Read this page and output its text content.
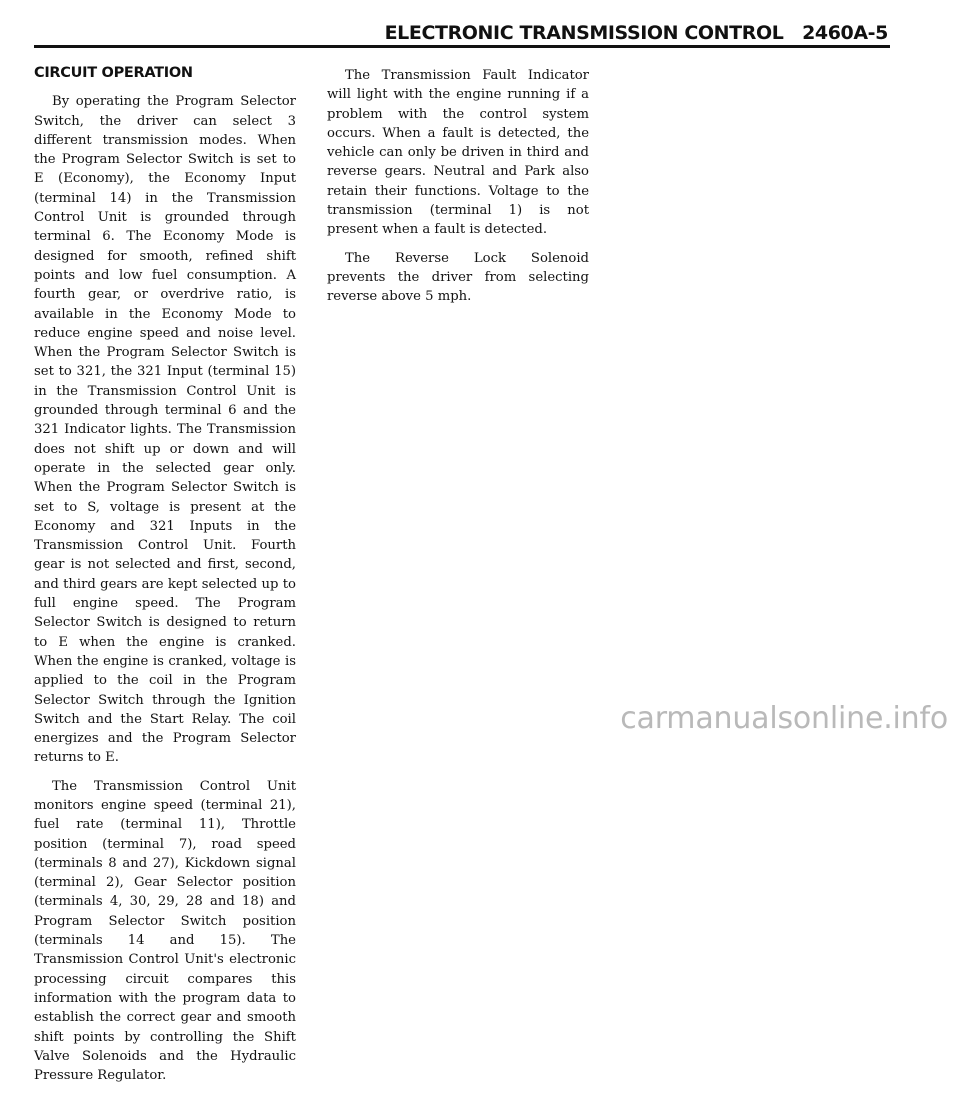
ELECTRONIC TRANSMISSION CONTROL 2460A-5
CIRCUIT OPERATION

By operating the Program Selector Switch, the driver can select 3 different transmission modes. When the Program Selector Switch is set to E (Economy), the Economy Input (terminal 14) in the Transmission Control Unit is grounded through terminal 6. The Economy Mode is designed for smooth, refined shift points and low fuel consumption. A fourth gear, or overdrive ratio, is available in the Economy Mode to reduce engine speed and noise level. When the Program Selector Switch is set to 321, the 321 Input (terminal 15) in the Transmission Control Unit is grounded through terminal 6 and the 321 Indicator lights. The Transmission does not shift up or down and will operate in the selected gear only. When the Program Selector Switch is set to S, voltage is present at the Economy and 321 Inputs in the Transmission Control Unit. Fourth gear is not selected and first, second, and third gears are kept selected up to full engine speed. The Program Selector Switch is designed to return to E when the engine is cranked. When the engine is cranked, voltage is applied to the coil in the Program Selector Switch through the Ignition Switch and the Start Relay. The coil energizes and the Program Selector returns to E.

The Transmission Control Unit monitors engine speed (terminal 21), fuel rate (terminal 11), Throttle position (terminal 7), road speed (terminals 8 and 27), Kickdown signal (terminal 2), Gear Selector position (terminals 4, 30, 29, 28 and 18) and Program Selector Switch position (terminals 14 and 15). The Transmission Control Unit's electronic processing circuit compares this information with the program data to establish the correct gear and smooth shift points by controlling the Shift Valve Solenoids and the Hydraulic Pressure Regulator.

The Transmission Fault Indicator will light with the engine running if a problem with the control system occurs. When a fault is detected, the vehicle can only be driven in third and reverse gears. Neutral and Park also retain their functions. Voltage to the transmission (terminal 1) is not present when a fault is detected.

The Reverse Lock Solenoid prevents the driver from selecting reverse above 5 mph.

carmanualsonline.info
